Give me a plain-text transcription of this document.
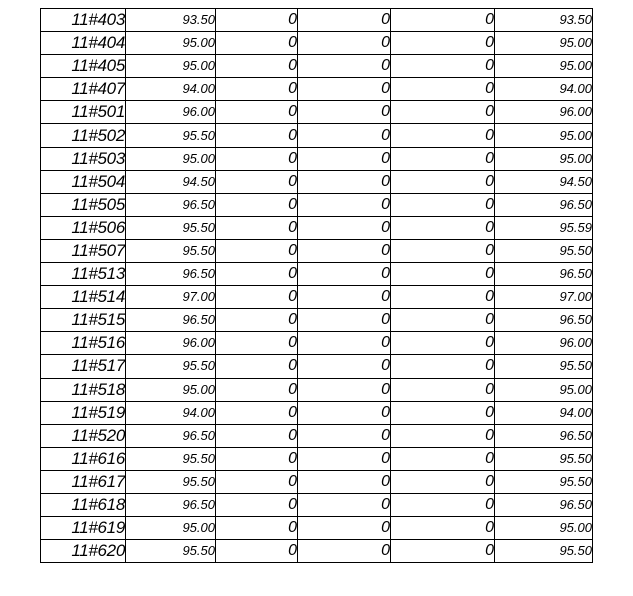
11#403	93.50	0	0	0	93.50
11#404	95.00	0	0	0	95.00
11#405	95.00	0	0	0	95.00
11#407	94.00	0	0	0	94.00
11#501	96.00	0	0	0	96.00
11#502	95.50	0	0	0	95.00
11#503	95.00	0	0	0	95.00
11#504	94.50	0	0	0	94.50
11#505	96.50	0	0	0	96.50
11#506	95.50	0	0	0	95.59
11#507	95.50	0	0	0	95.50
11#513	96.50	0	0	0	96.50
11#514	97.00	0	0	0	97.00
11#515	96.50	0	0	0	96.50
11#516	96.00	0	0	0	96.00
11#517	95.50	0	0	0	95.50
11#518	95.00	0	0	0	95.00
11#519	94.00	0	0	0	94.00
11#520	96.50	0	0	0	96.50
11#616	95.50	0	0	0	95.50
11#617	95.50	0	0	0	95.50
11#618	96.50	0	0	0	96.50
11#619	95.00	0	0	0	95.00
11#620	95.50	0	0	0	95.50
